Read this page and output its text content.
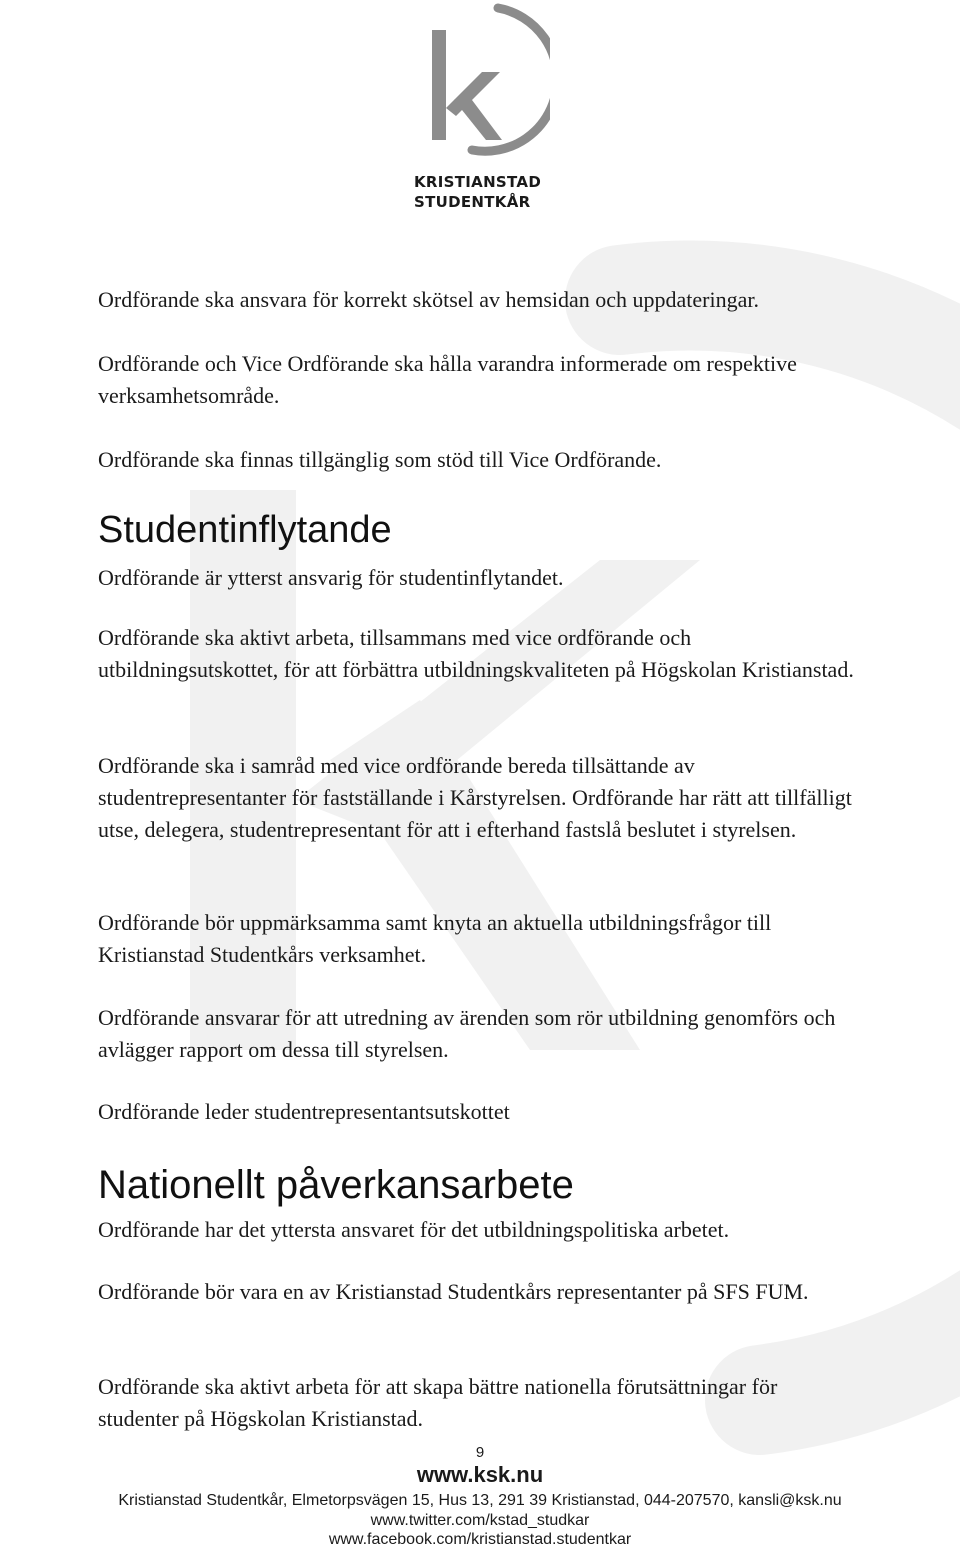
KRISTIANSTAD
STUDENTKÅR

Ordförande ska ansvara för korrekt skötsel av hemsidan och uppdateringar.

Ordförande och Vice Ordförande ska hålla varandra informerade om respektive verksamhetsområde.

Ordförande ska finnas tillgänglig som stöd till Vice Ordförande.

Studentinflytande

Ordförande är ytterst ansvarig för studentinflytandet.

Ordförande ska aktivt arbeta, tillsammans med vice ordförande och utbildningsutskottet, för att förbättra utbildningskvaliteten på Högskolan Kristianstad.

Ordförande ska i samråd med vice ordförande bereda tillsättande av studentrepresentanter för fastställande i Kårstyrelsen. Ordförande har rätt att tillfälligt utse, delegera, studentrepresentant för att i efterhand fastslå beslutet i styrelsen.

Ordförande bör uppmärksamma samt knyta an aktuella utbildningsfrågor till Kristianstad Studentkårs verksamhet.

Ordförande ansvarar för att utredning av ärenden som rör utbildning genomförs och avlägger rapport om dessa till styrelsen.

Ordförande leder studentrepresentantsutskottet

Nationellt påverkansarbete

Ordförande har det yttersta ansvaret för det utbildningspolitiska arbetet.

Ordförande bör vara en av Kristianstad Studentkårs representanter på SFS FUM.

Ordförande ska aktivt arbeta för att skapa bättre nationella förutsättningar för studenter på Högskolan Kristianstad.

9
www.ksk.nu
Kristianstad Studentkår, Elmetorpsvägen 15, Hus 13, 291 39 Kristianstad, 044-207570, kansli@ksk.nu
www.twitter.com/kstad_studkar
www.facebook.com/kristianstad.studentkar
